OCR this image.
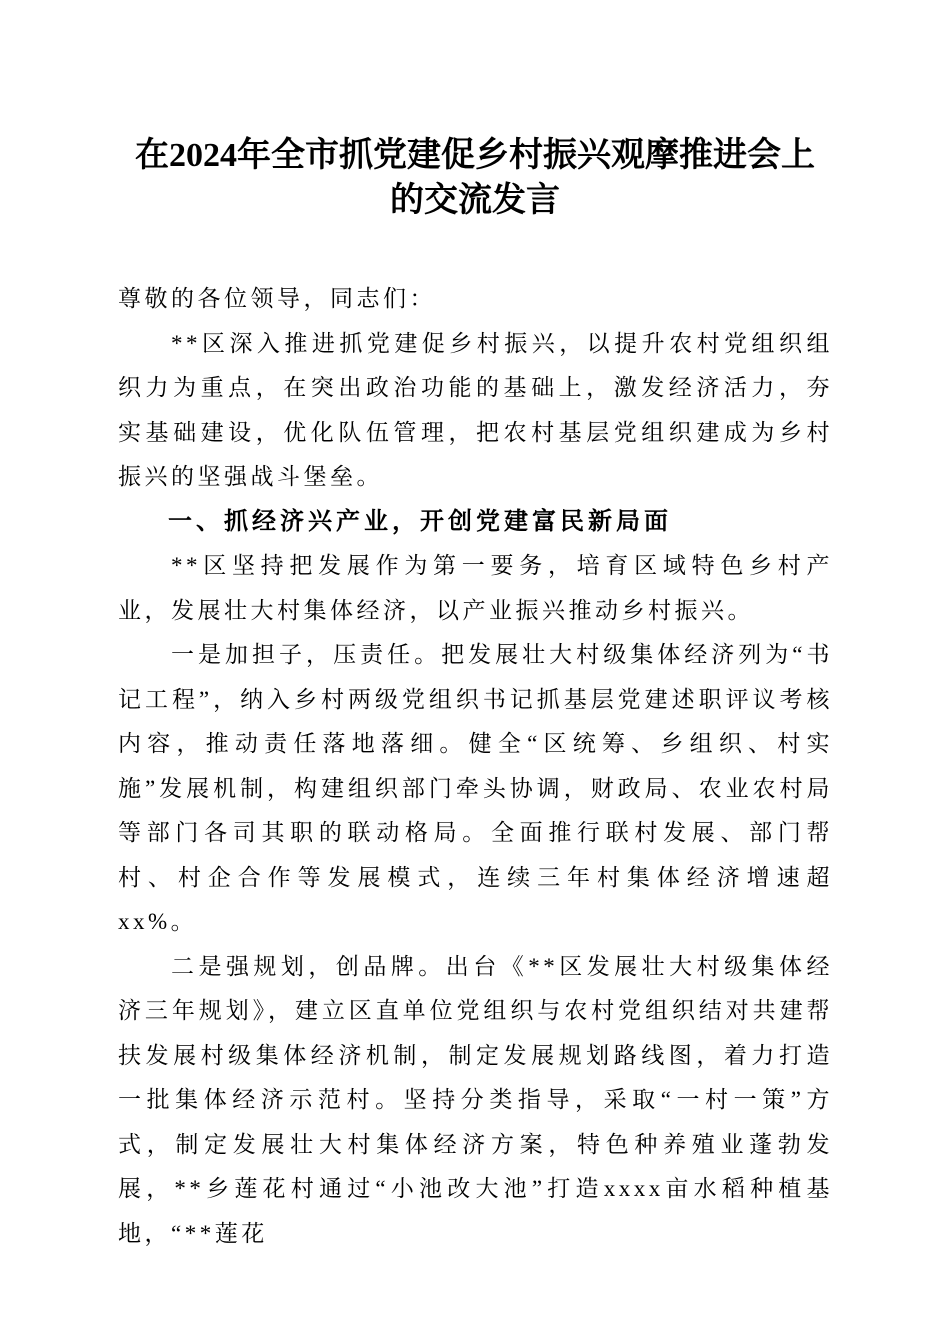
在2024年全市抓党建促乡村振兴观摩推进会上的交流发言

尊敬的各位领导，同志们：

**区深入推进抓党建促乡村振兴，以提升农村党组织组织力为重点，在突出政治功能的基础上，激发经济活力，夯实基础建设，优化队伍管理，把农村基层党组织建成为乡村振兴的坚强战斗堡垒。

一、抓经济兴产业，开创党建富民新局面

**区坚持把发展作为第一要务，培育区域特色乡村产业，发展壮大村集体经济，以产业振兴推动乡村振兴。

一是加担子，压责任。把发展壮大村级集体经济列为“书记工程”，纳入乡村两级党组织书记抓基层党建述职评议考核内容，推动责任落地落细。健全“区统筹、乡组织、村实施”发展机制，构建组织部门牵头协调，财政局、农业农村局等部门各司其职的联动格局。全面推行联村发展、部门帮村、村企合作等发展模式，连续三年村集体经济增速超xx%。

二是强规划，创品牌。出台《**区发展壮大村级集体经济三年规划》，建立区直单位党组织与农村党组织结对共建帮扶发展村级集体经济机制，制定发展规划路线图，着力打造一批集体经济示范村。坚持分类指导，采取“一村一策”方式，制定发展壮大村集体经济方案，特色种养殖业蓬勃发展，**乡莲花村通过“小池改大池”打造xxxx亩水稻种植基地，“**莲花
